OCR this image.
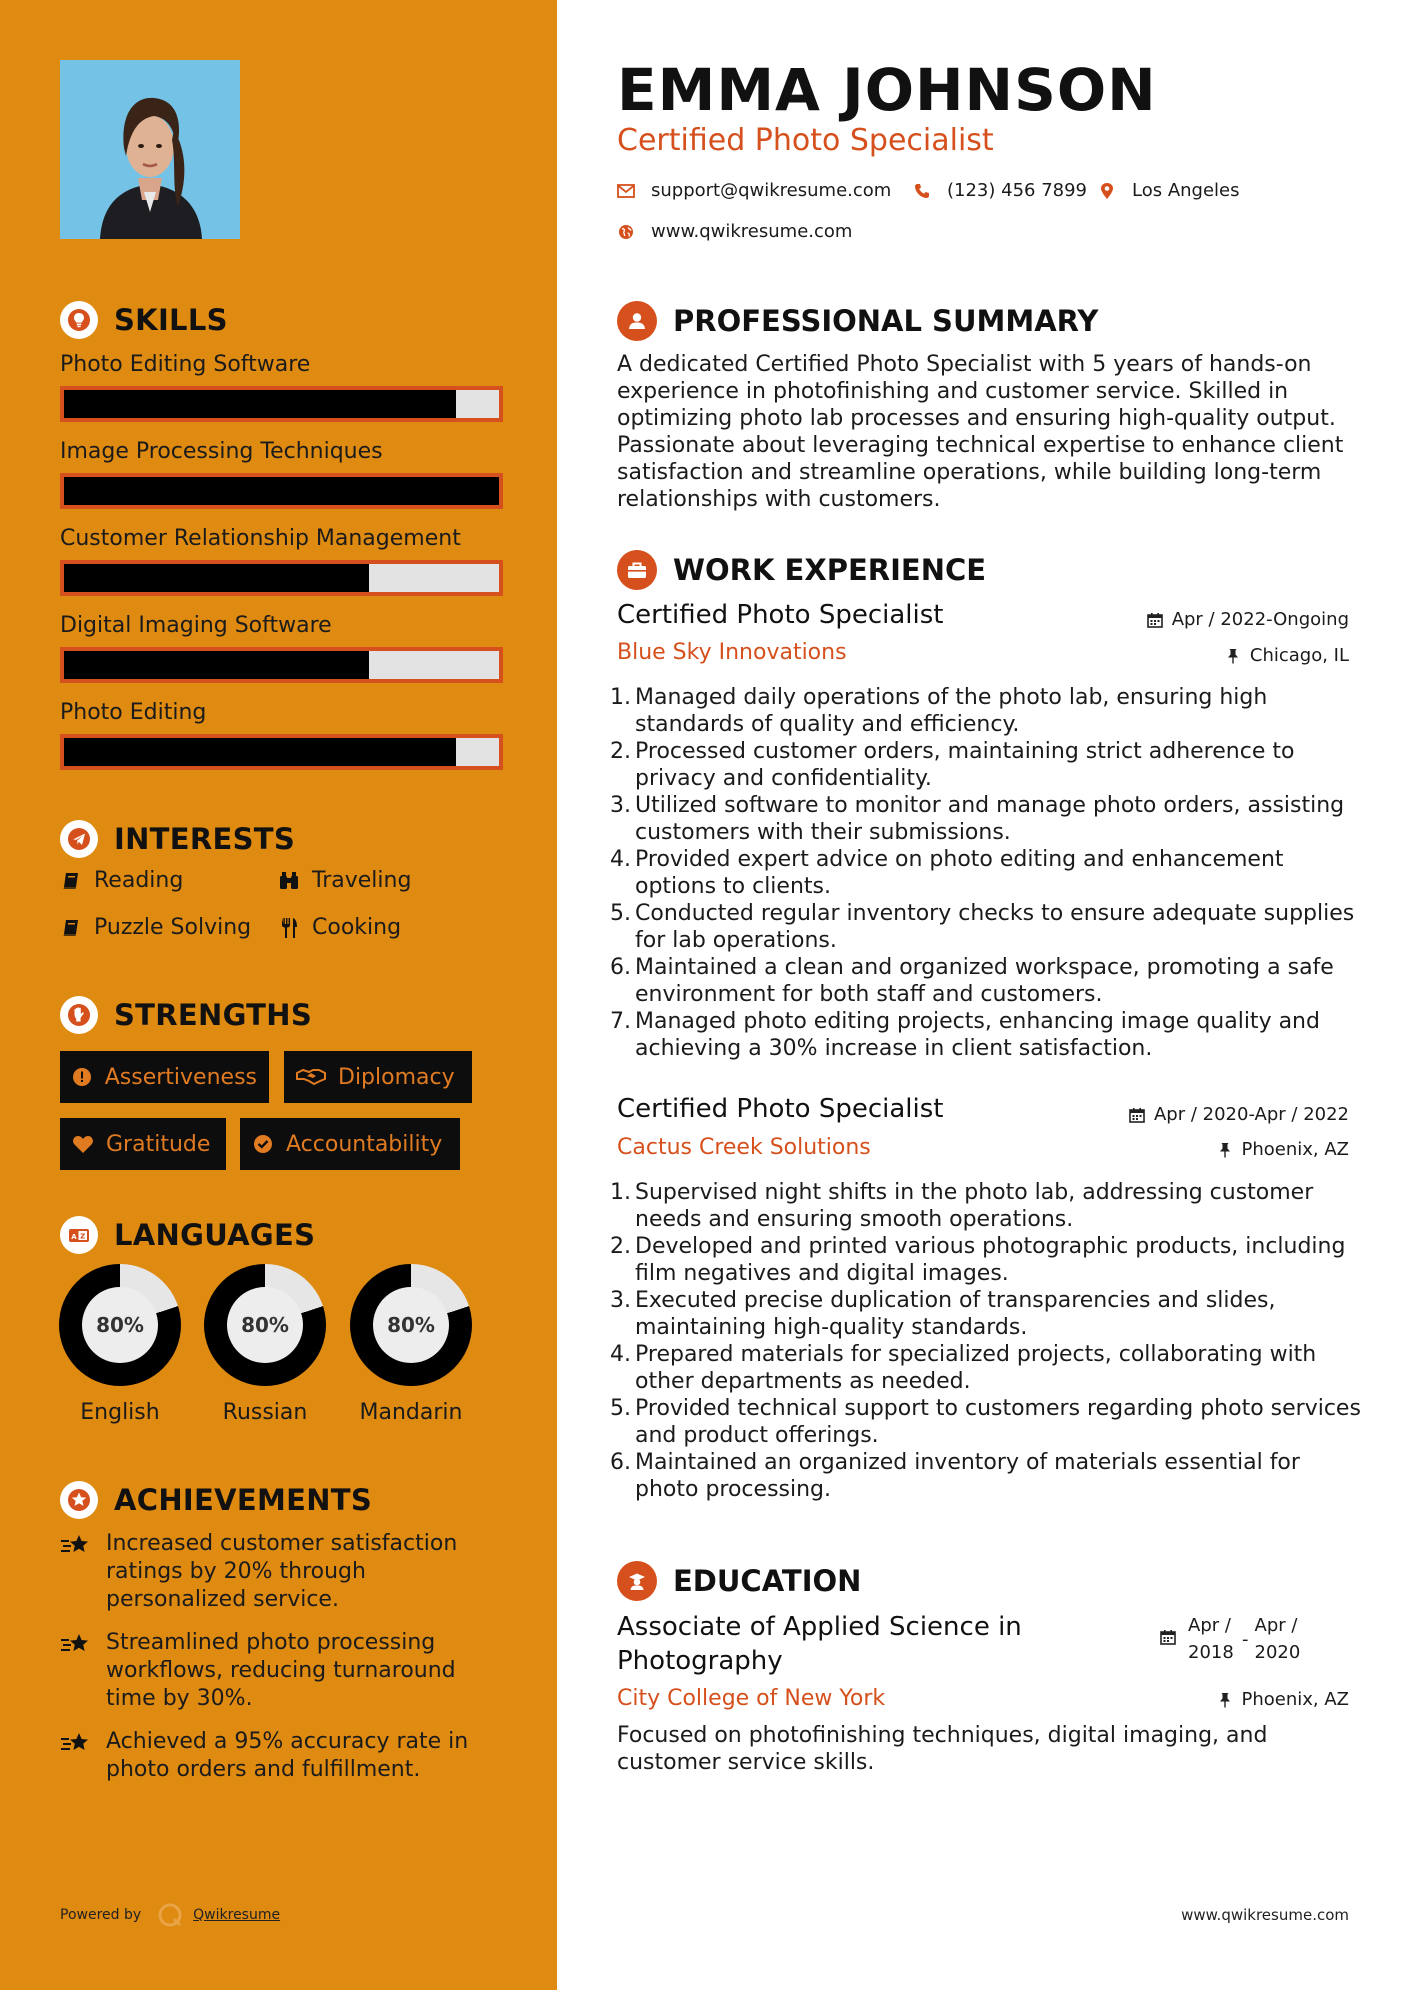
SKILLS
Photo Editing Software
Image Processing Techniques
Customer Relationship Management
Digital Imaging Software
Photo Editing
INTERESTS
Reading	Traveling
Puzzle Solving	Cooking
STRENGTHS
Assertiveness	Diplomacy
Gratitude	Accountability
A Z LANGUAGES
80%
English
80%
Russian
80%
Mandarin
ACHIEVEMENTS
Increased customer satisfaction ratings by 20% through personalized service.
Streamlined photo processing workflows, reducing turnaround time by 30%.
Achieved a 95% accuracy rate in photo orders and fulfillment.
Powered by	Qwikresume
EMMA JOHNSON
Certified Photo Specialist
support@qwikresume.com	(123) 456 7899 Los Angeles
www.qwikresume.com
PROFESSIONAL SUMMARY
A dedicated Certified Photo Specialist with 5 years of hands-on experience in photofinishing and customer service. Skilled in optimizing photo lab processes and ensuring high-quality output. Passionate about leveraging technical expertise to enhance client satisfaction and streamline operations, while building long-term relationships with customers.
WORK EXPERIENCE
Certified Photo Specialist	Apr / 2022-Ongoing
Blue Sky Innovations	Chicago, IL
1. Managed daily operations of the photo lab, ensuring high standards of quality and efficiency.
2. Processed customer orders, maintaining strict adherence to privacy and confidentiality.
3. Utilized software to monitor and manage photo orders, assisting customers with their submissions.
4. Provided expert advice on photo editing and enhancement options to clients.
5. Conducted regular inventory checks to ensure adequate supplies for lab operations.
6. Maintained a clean and organized workspace, promoting a safe environment for both staff and customers.
7. Managed photo editing projects, enhancing image quality and achieving a 30% increase in client satisfaction.
Certified Photo Specialist	Apr / 2020-Apr / 2022
Cactus Creek Solutions	Phoenix, AZ
1. Supervised night shifts in the photo lab, addressing customer needs and ensuring smooth operations.
2. Developed and printed various photographic products, including film negatives and digital images.
3. Executed precise duplication of transparencies and slides, maintaining high-quality standards.
4. Prepared materials for specialized projects, collaborating with other departments as needed.
5. Provided technical support to customers regarding photo services and product offerings.
6. Maintained an organized inventory of materials essential for photo processing.
EDUCATION
Associate of Applied Science in Photography
Apr /
2018
-
Apr /
2020
City College of New York	Phoenix, AZ
Focused on photofinishing techniques, digital imaging, and customer service skills.
www.qwikresume.com
